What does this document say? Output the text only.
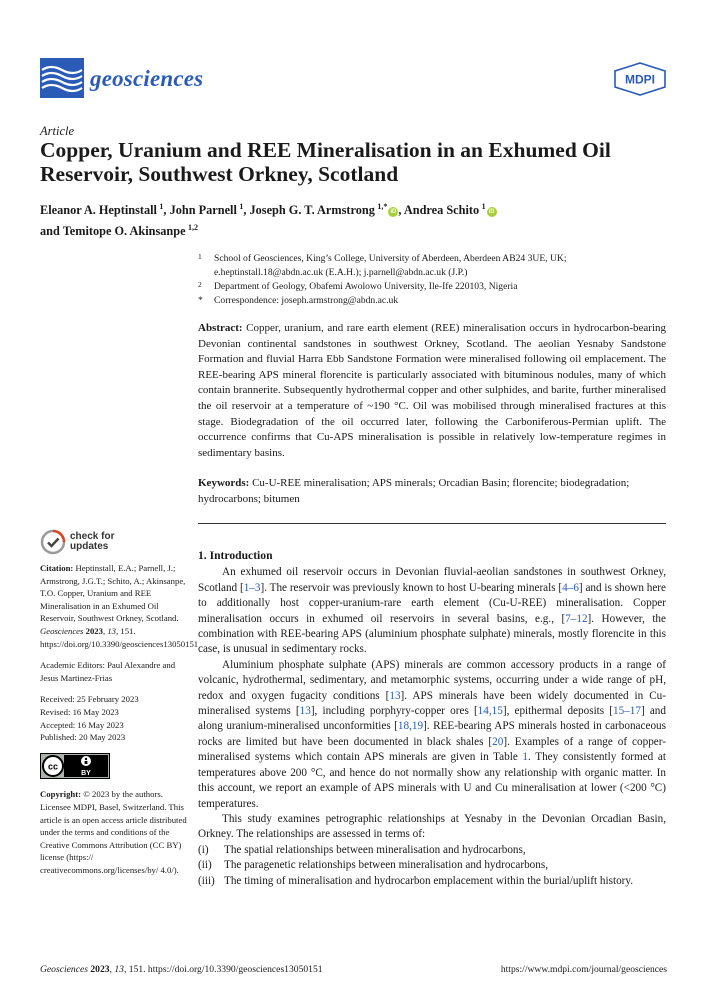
geosciences	MDPI
Article
Copper, Uranium and REE Mineralisation in an Exhumed Oil Reservoir, Southwest Orkney, Scotland
Eleanor A. Heptinstall  $^1$, John Parnell  $^1$, Joseph G. T. Armstrong  $^{1,*}$iD , Andrea Schito  $^1$iD
and Temitope O. Akinsanpe  $^{1,2}$
1 School of Geosciences, King’s College, University of Aberdeen, Aberdeen AB24 3UE, UK;
e.heptinstall.18@abdn.ac.uk (E.A.H.); j.parnell@abdn.ac.uk (J.P.)
2 Department of Geology, Obafemi Awolowo University, Ile-Ife 220103, Nigeria
* Correspondence: joseph.armstrong@abdn.ac.uk
Abstract: Copper, uranium, and rare earth element (REE) mineralisation occurs in hydrocarbon-bearing Devonian continental sandstones in southwest Orkney, Scotland. The aeolian Yesnaby Sandstone Formation and fluvial Harra Ebb Sandstone Formation were mineralised following oil emplacement. The REE-bearing APS mineral florencite is particularly associated with bituminous nodules, many of which contain brannerite. Subsequently hydrothermal copper and other sulphides, and barite, further mineralised the oil reservoir at a temperature of ~190 °C. Oil was mobilised through mineralised fractures at this stage. Biodegradation of the oil occurred later, following the Carboniferous-Permian uplift. The occurrence confirms that Cu-APS mineralisation is possible in relatively low-temperature regimes in sedimentary basins.
Keywords: Cu-U-REE mineralisation; APS minerals; Orcadian Basin; florencite; biodegradation; hydrocarbons; bitumen
check for
updates
Citation: Heptinstall, E.A.; Parnell, J.; Armstrong, J.G.T.; Schito, A.; Akinsanpe, T.O. Copper, Uranium and REE Mineralisation in an Exhumed Oil Reservoir, Southwest Orkney, Scotland. Geosciences 2023, 13, 151. https://doi.org/10.3390/geosciences13050151
Academic Editors: Paul Alexandre and Jesus Martinez-Frias
Received: 25 February 2023
Revised: 16 May 2023
Accepted: 16 May 2023
Published: 20 May 2023
cc
BY
Copyright: © 2023 by the authors. Licensee MDPI, Basel, Switzerland. This article is an open access article distributed under the terms and conditions of the Creative Commons Attribution (CC BY) license (https:// creativecommons.org/licenses/by/ 4.0/).
1. Introduction

An exhumed oil reservoir occurs in Devonian fluvial-aeolian sandstones in southwest Orkney, Scotland [1–3]. The reservoir was previously known to host U-bearing minerals [4–6] and is shown here to additionally host copper-uranium-rare earth element (Cu-U-REE) mineralisation. Copper mineralisation occurs in exhumed oil reservoirs in several basins, e.g., [7–12]. However, the combination with REE-bearing APS (aluminium phosphate sulphate) minerals, mostly florencite in this case, is unusual in sedimentary rocks.

Aluminium phosphate sulphate (APS) minerals are common accessory products in a range of volcanic, hydrothermal, sedimentary, and metamorphic systems, occurring under a wide range of pH, redox and oxygen fugacity conditions [13]. APS minerals have been widely documented in Cu-mineralised systems [13], including porphyry-copper ores [14,15], epithermal deposits [15–17] and along uranium-mineralised unconformities [18,19]. REE-bearing APS minerals hosted in carbonaceous rocks are limited but have been documented in black shales [20]. Examples of a range of copper-mineralised systems which contain APS minerals are given in Table 1. They consistently formed at temperatures above 200 °C, and hence do not normally show any relationship with organic matter. In this account, we report an example of APS minerals with U and Cu mineralisation at lower (<200 °C) temperatures.

This study examines petrographic relationships at Yesnaby in the Devonian Orcadian Basin, Orkney. The relationships are assessed in terms of:

(i) The spatial relationships between mineralisation and hydrocarbons,
(ii) The paragenetic relationships between mineralisation and hydrocarbons,
(iii) The timing of mineralisation and hydrocarbon emplacement within the burial/uplift history.
Geosciences 2023, 13, 151. https://doi.org/10.3390/geosciences13050151	https://www.mdpi.com/journal/geosciences
